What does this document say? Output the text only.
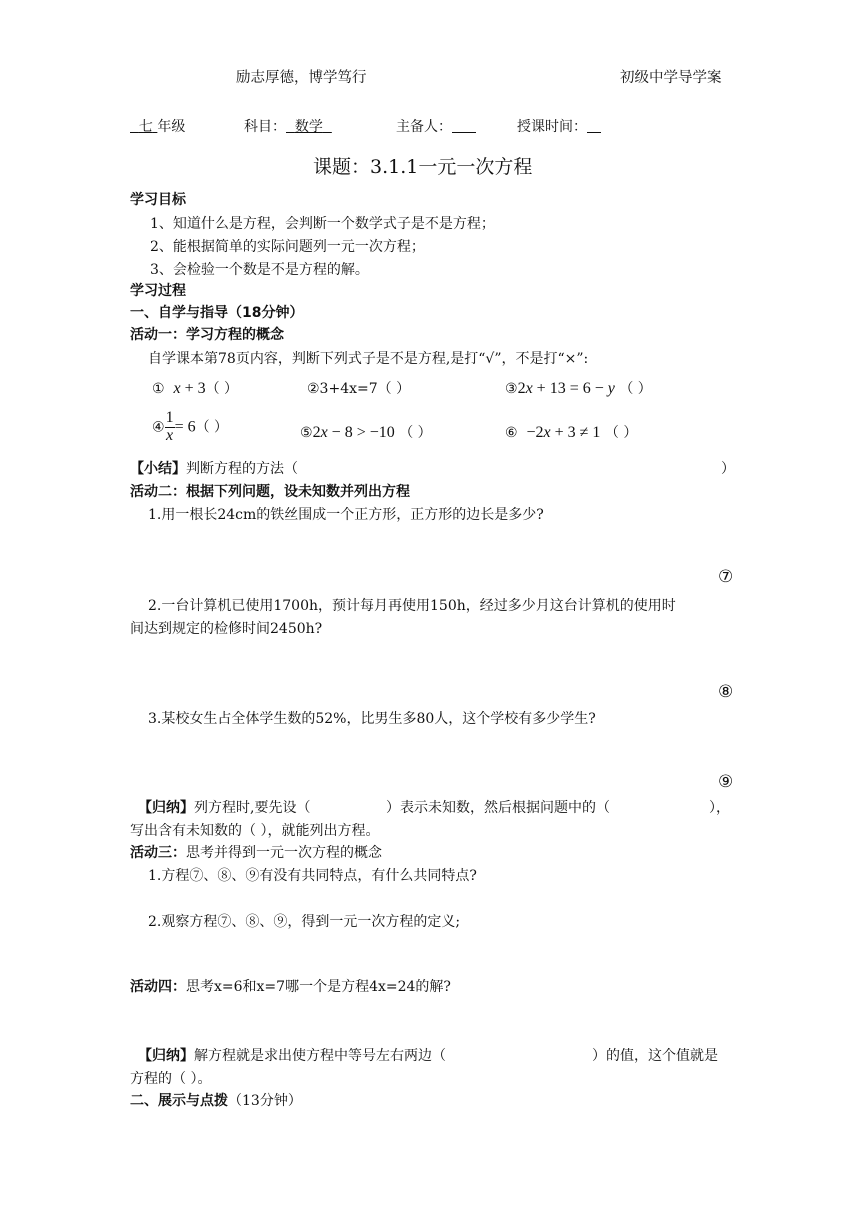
励志厚德，博学笃行	初级中学导学案
七 年级	科目： 数学	主备人：	授课时间：
课题：3.1.1一元一次方程
学习目标
1、知道什么是方程，会判断一个数学式子是不是方程；
2、能根据简单的实际问题列一元一次方程；
3、会检验一个数是不是方程的解。
学习过程
一、自学与指导（18分钟）
活动一：学习方程的概念
自学课本第78页内容，判断下列式子是不是方程,是打“√”，不是打“×”:
① x + 3（ ）	②3+4x=7（ ）	③2x + 13 = 6 − y （ ）
④ $\frac{1}{x} = 6$（ ）	⑤2x − 8 > −10 （ ）	⑥ −2x + 3 ≠ 1 （ ）
【小结】判断方程的方法（	）
活动二：根据下列问题，设未知数并列出方程
1.用一根长24cm的铁丝围成一个正方形，正方形的边长是多少?
⑦
2.一台计算机已使用1700h，预计每月再使用150h，经过多少月这台计算机的使用时
间达到规定的检修时间2450h?
⑧
3.某校女生占全体学生数的52%，比男生多80人，这个学校有多少学生?
⑨
【归纳】列方程时,要先设（	）表示未知数，然后根据问题中的（	），
写出含有未知数的（ ），就能列出方程。
活动三：思考并得到一元一次方程的概念
1.方程⑦、⑧、⑨有没有共同特点，有什么共同特点?
2.观察方程⑦、⑧、⑨，得到一元一次方程的定义;
活动四：思考x=6和x=7哪一个是方程4x=24的解?
【归纳】解方程就是求出使方程中等号左右两边（	）的值，这个值就是
方程的（ ）。
二、展示与点拨（13分钟）
